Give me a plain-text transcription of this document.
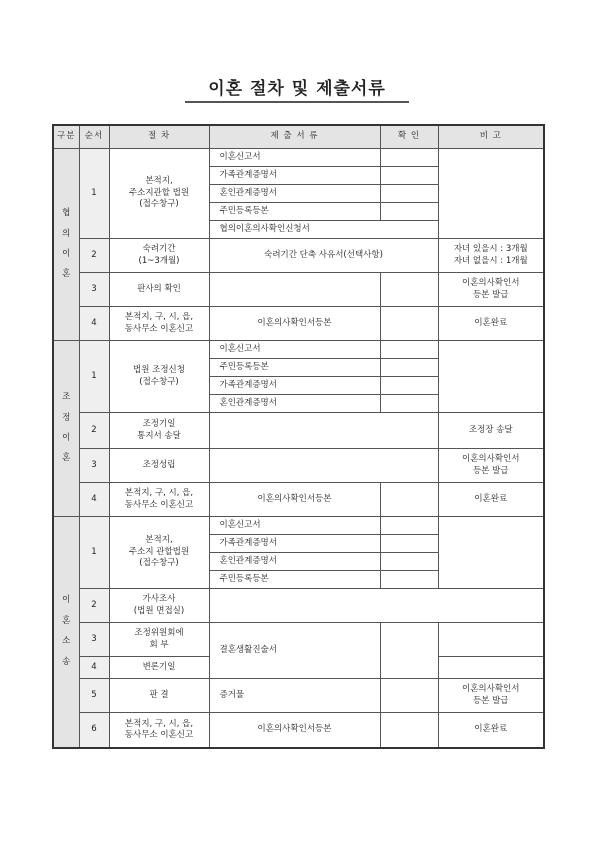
이혼 절차 및 제출서류
구분	순서	절 차	제 출 서 류	확 인	비 고

협
의
이
혼	1	본적지,
주소지관할 법원
(접수창구)	이혼신고서		
			가족관계증명서		
			혼인관계증명서		
			주민등록등본		
			협의이혼의사확인신청서		
	2	숙려기간
(1~3개월)	숙려기간 단축 사유서(선택사항)		자녀 있을시 : 3개월
자녀 없을시 : 1개월
	3	판사의 확인			이혼의사확인서
등본 발급
	4	본적지, 구, 시, 읍,
동사무소 이혼신고	이혼의사확인서등본		이혼완료

조
정
이
혼	1	법원 조정신청
(접수창구)	이혼신고서		
			주민등록등본		
			가족관계증명서		
			혼인관계증명서		
	2	조정기일
통지서 송달			조정장 송달
	3	조정성립			이혼의사확인서
등본 발급
	4	본적지, 구, 시, 읍,
동사무소 이혼신고	이혼의사확인서등본		이혼완료

이
혼
소
송	1	본적지,
주소지 관할법원
(접수창구)	이혼신고서		
			가족관계증명서		
			혼인관계증명서		
			주민등록등본		
	2	가사조사
(법원 면접실)			
	3	조정위원회에
회 부	결혼생활진술서		
	4	변론기일			
	5	판 결	증거물		이혼의사확인서
등본 발급
	6	본적지, 구, 시, 읍,
동사무소 이혼신고	이혼의사확인서등본		이혼완료
